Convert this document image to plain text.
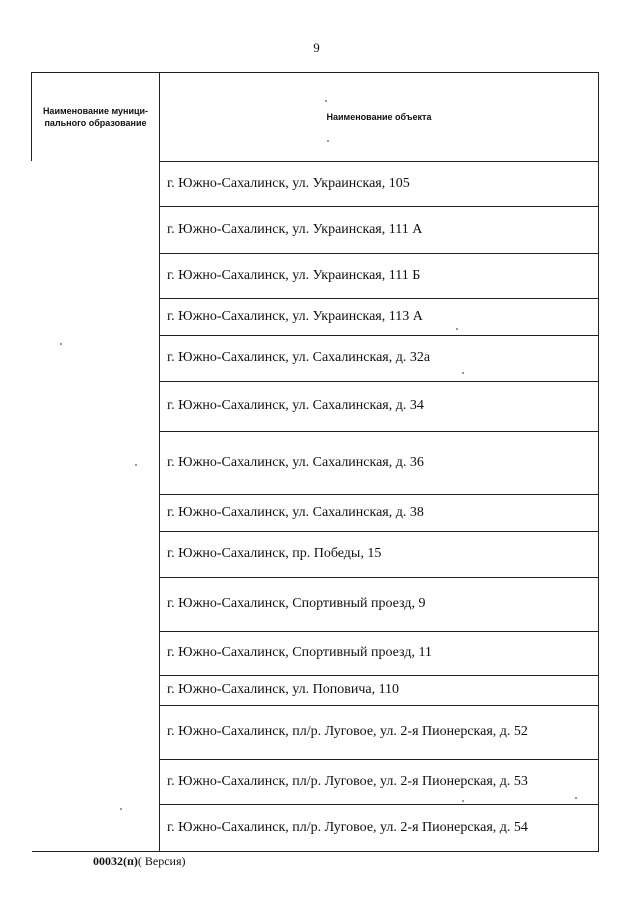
9
Наименование муници-
пального образование	Наименование объекта
	г. Южно-Сахалинск, ул. Украинская, 105
	г. Южно-Сахалинск, ул. Украинская, 111 А
	г. Южно-Сахалинск, ул. Украинская, 111 Б
	г. Южно-Сахалинск, ул. Украинская, 113 А
	г. Южно-Сахалинск, ул. Сахалинская, д. 32а
	г. Южно-Сахалинск, ул. Сахалинская, д. 34
	г. Южно-Сахалинск, ул. Сахалинская, д. 36
	г. Южно-Сахалинск, ул. Сахалинская, д. 38
	г. Южно-Сахалинск, пр. Победы, 15
	г. Южно-Сахалинск, Спортивный проезд, 9
	г. Южно-Сахалинск, Спортивный проезд, 11
	г. Южно-Сахалинск, ул. Поповича, 110
	г. Южно-Сахалинск, пл/р. Луговое, ул. 2-я Пионерская, д. 52
	г. Южно-Сахалинск, пл/р. Луговое, ул. 2-я Пионерская, д. 53
	г. Южно-Сахалинск, пл/р. Луговое, ул. 2-я Пионерская, д. 54
00032(п)( Версия)
